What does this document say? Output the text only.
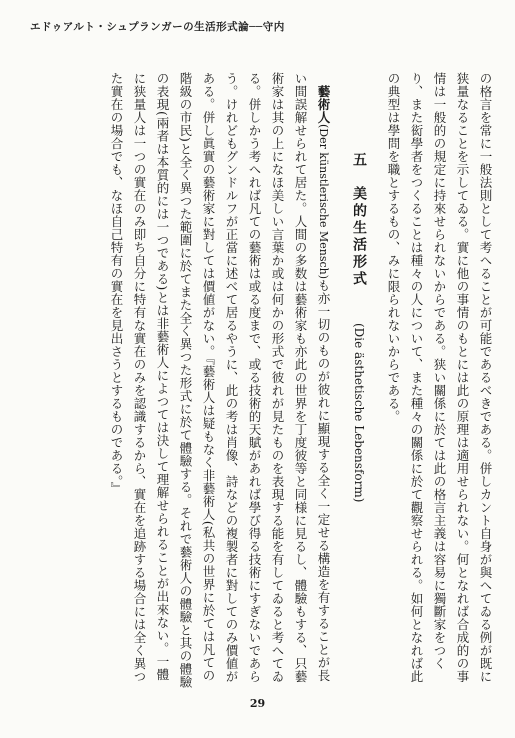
エドゥアルト・シュプランガーの生活形式論──守内

の格言を常に一般法則として考へることが可能であるべきである。併しカント自身が與へてゐる例が既に狭量なることを示してゐる。實に他の事情のもとには此の原理は適用せられない。何となれば合成的の事情は一般的の規定に持來せられないからである。狭い關係に於ては此の格言主義は容易に獨斷家をつくり、また衒學者をつくることは種々の人について、また種々の關係に於て觀察せられる。如何となれば此の典型は學問を職とするもの、みに限られないからである。

五　美的生活形式　(Die ästhetische Lebensform)

藝術人(Der künstlerische Mensch)も亦一切のものが彼れに顯現する全く一定せる構造を有することが長い間誤解せられて居た。人間の多数は藝術家も亦此の世界を丁度彼等と同様に見るし、體驗もする、只藝術家は其の上になほ美しい言葉か或は何かの形式で彼れが見たものを表現する能を有してゐると考へてゐる。併しかう考へれば凡ての藝術は或る度まで、或る技術的天賦があれば學び得る技術にすぎないであらう。けれどもグンドルフが正當に述べて居るやうに、此の考は肖像、詩などの複製者に對してのみ價値がある。併し眞實の藝術家に對しては價値がない。『藝術人は疑もなく非藝術人(私共の世界に於ては凡ての階級の市民)と全く異つた範圍に於てまた全く異つた形式に於て體驗する。それで藝術人の體驗と其の體驗の表現(兩者は本質的には一つである)とは非藝術人によつては決して理解せられることが出來ない。一體に狭量人は一つの實在のみ即ち自分に特有な實在のみを認識するから、實在を追跡する場合には全く異つた實在の場合でも、なほ自己特有の實在を見出さうとするものである。』

29
